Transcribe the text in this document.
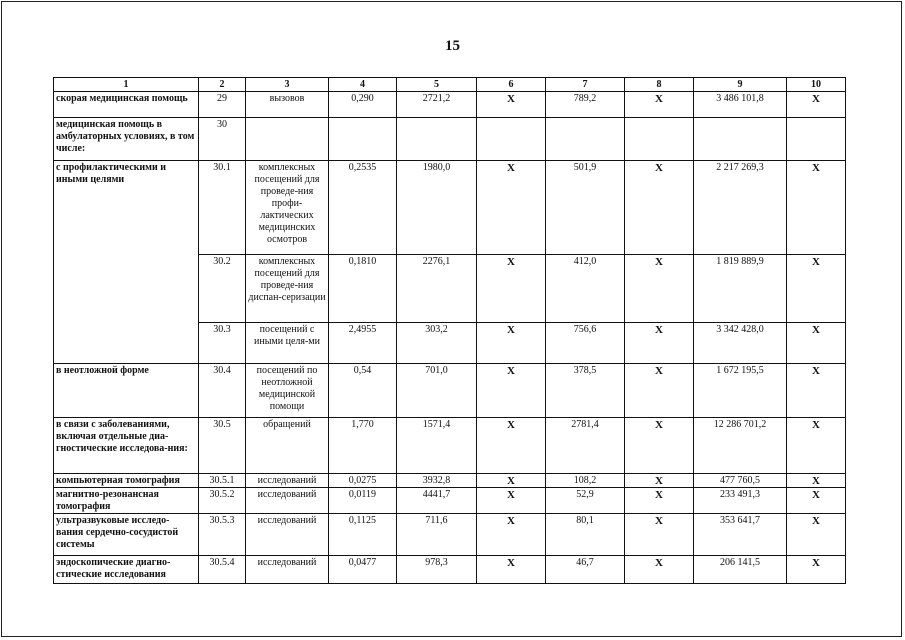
15
1	2	3	4	5	6	7	8	9	10
скорая медицинская помощь	29	вызовов	0,290	2721,2	X	789,2	X	3 486 101,8	X
медицинская помощь в амбулаторных условиях, в том числе:	30								
с профилактическими и иными целями	30.1	комплексных посещений для проведе-ния профи-лактических медицинских осмотров	0,2535	1980,0	X	501,9	X	2 217 269,3	X
	30.2	комплексных посещений для проведе-ния диспан-серизации	0,1810	2276,1	X	412,0	X	1 819 889,9	X
	30.3	посещений с иными целя-ми	2,4955	303,2	X	756,6	X	3 342 428,0	X
в неотложной форме	30.4	посещений по неотложной медицинской помощи	0,54	701,0	X	378,5	X	1 672 195,5	X
в связи с заболеваниями, включая отдельные диа-гностические исследова-ния:	30.5	обращений	1,770	1571,4	X	2781,4	X	12 286 701,2	X
компьютерная томография	30.5.1	исследований	0,0275	3932,8	X	108,2	X	477 760,5	X
магнитно-резонансная томография	30.5.2	исследований	0,0119	4441,7	X	52,9	X	233 491,3	X
ультразвуковые исследо-вания сердечно-сосудистой системы	30.5.3	исследований	0,1125	711,6	X	80,1	X	353 641,7	X
эндоскопические диагно-стические исследования	30.5.4	исследований	0,0477	978,3	X	46,7	X	206 141,5	X
